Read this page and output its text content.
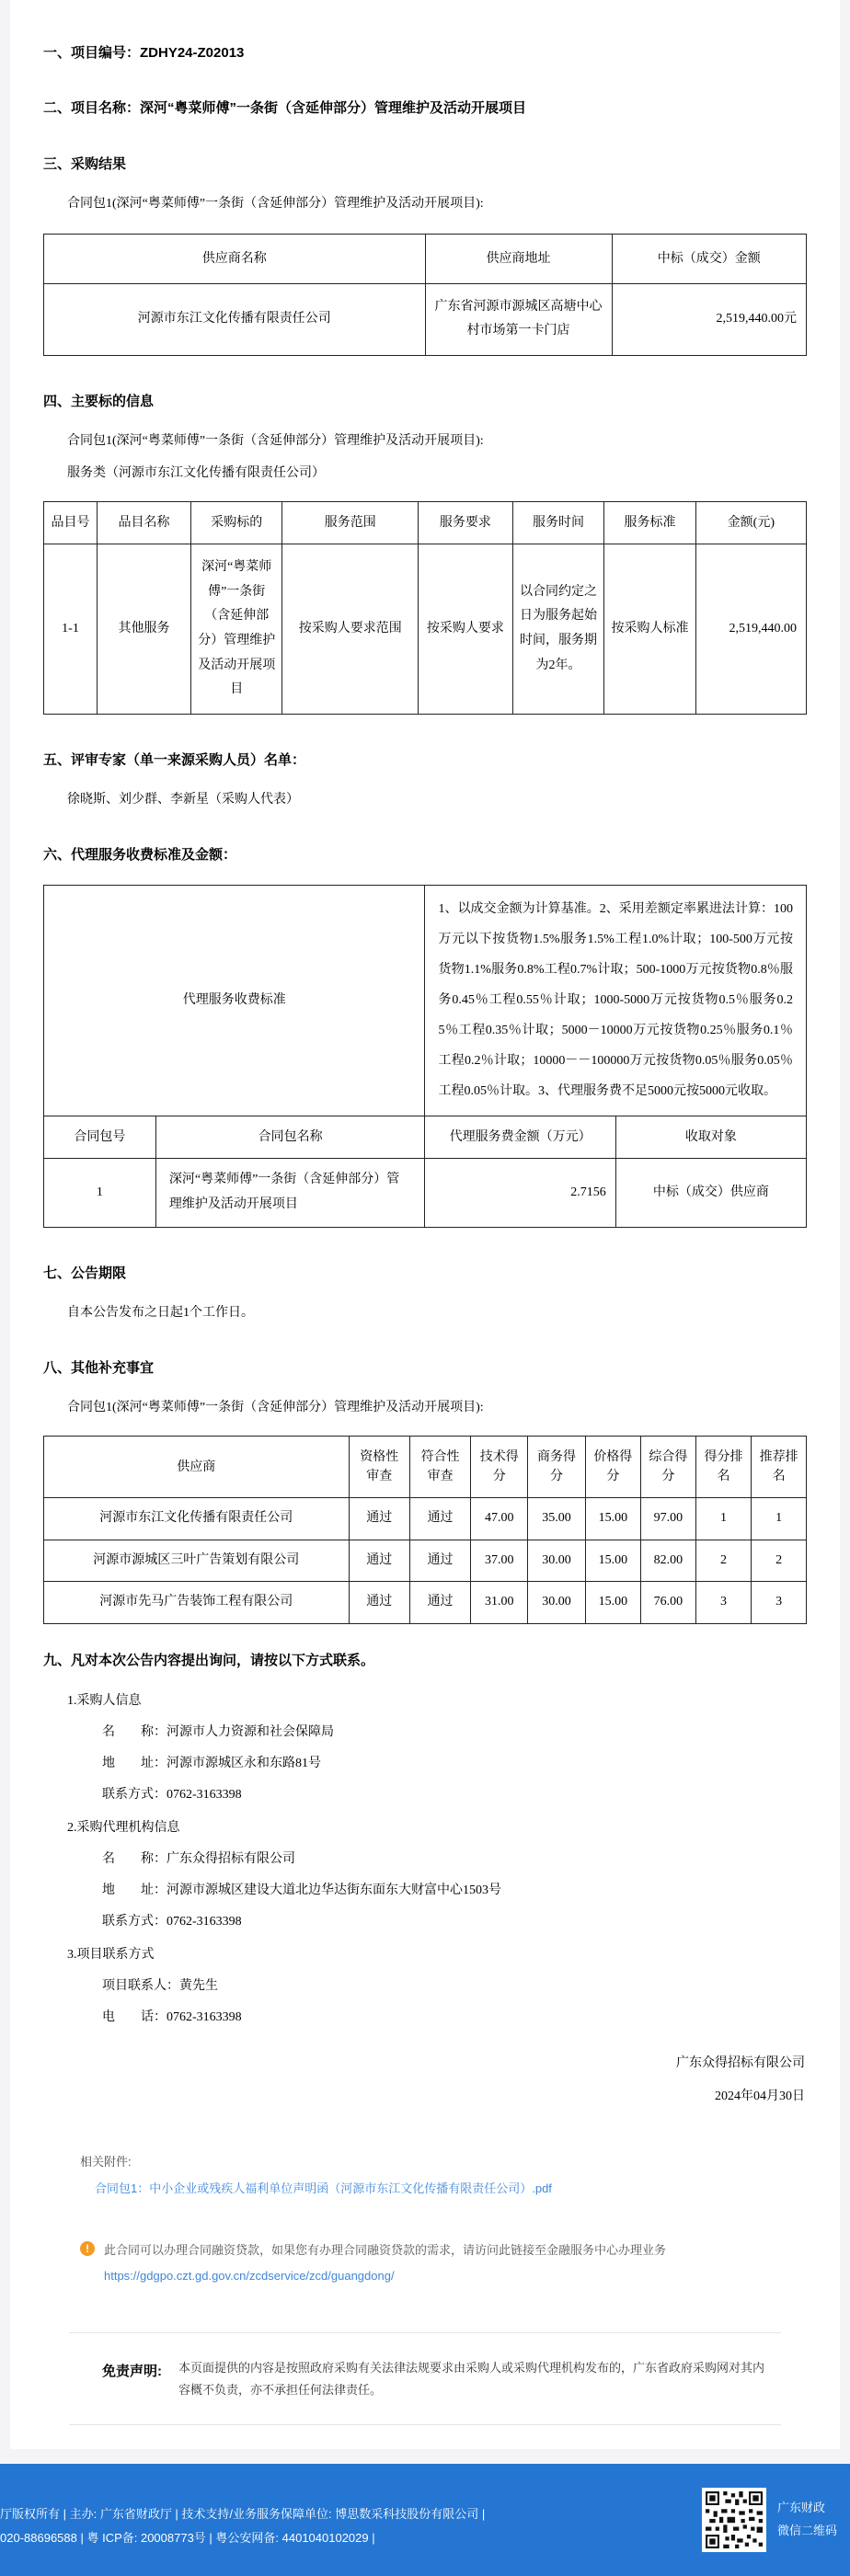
一、项目编号：ZDHY24-Z02013
二、项目名称：深河“粤菜师傅”一条街（含延伸部分）管理维护及活动开展项目
三、采购结果
合同包1(深河“粤菜师傅”一条街（含延伸部分）管理维护及活动开展项目):
供应商名称	供应商地址	中标（成交）金额
河源市东江文化传播有限责任公司	广东省河源市源城区高塘中心村市场第一卡门店	2,519,440.00元
四、主要标的信息
合同包1(深河“粤菜师傅”一条街（含延伸部分）管理维护及活动开展项目):
服务类（河源市东江文化传播有限责任公司）
品目号	品目名称	采购标的	服务范围	服务要求	服务时间	服务标准	金额(元)
1-1	其他服务	深河“粤菜师傅”一条街（含延伸部分）管理维护及活动开展项目	按采购人要求范围	按采购人要求	以合同约定之日为服务起始时间，服务期为2年。	按采购人标准	2,519,440.00
五、评审专家（单一来源采购人员）名单：
徐晓斯、刘少群、李新星（采购人代表）
六、代理服务收费标准及金额：
代理服务收费标准		1、以成交金额为计算基准。2、采用差额定率累进法计算：100万元以下按货物1.5%服务1.5%工程1.0%计取；100-500万元按货物1.1%服务0.8%工程0.7%计取；500-1000万元按货物0.8％服务0.45％工程0.55％计取；1000-5000万元按货物0.5％服务0.25％工程0.35％计取；5000－10000万元按货物0.25％服务0.1％工程0.2％计取；10000－－100000万元按货物0.05％服务0.05％工程0.05％计取。3、代理服务费不足5000元按5000元收取。	
合同包号	合同包名称	代理服务费金额（万元）	收取对象
1	深河“粤菜师傅”一条街（含延伸部分）管理维护及活动开展项目	2.7156	中标（成交）供应商
七、公告期限
自本公告发布之日起1个工作日。
八、其他补充事宜
合同包1(深河“粤菜师傅”一条街（含延伸部分）管理维护及活动开展项目):
供应商	资格性审查	符合性审查	技术得分	商务得分	价格得分	综合得分	得分排名	推荐排名
河源市东江文化传播有限责任公司	通过	通过	47.00	35.00	15.00	97.00	1	1
河源市源城区三叶广告策划有限公司	通过	通过	37.00	30.00	15.00	82.00	2	2
河源市先马广告装饰工程有限公司	通过	通过	31.00	30.00	15.00	76.00	3	3
九、凡对本次公告内容提出询问，请按以下方式联系。
1.采购人信息
名　　称：河源市人力资源和社会保障局
地　　址：河源市源城区永和东路81号
联系方式：0762-3163398
2.采购代理机构信息
名　　称：广东众得招标有限公司
地　　址：河源市源城区建设大道北边华达街东面东大财富中心1503号
联系方式：0762-3163398
3.项目联系方式
项目联系人：黄先生
电　　话：0762-3163398
广东众得招标有限公司
2024年04月30日
相关附件:
合同包1：中小企业或残疾人福利单位声明函（河源市东江文化传播有限责任公司）.pdf
!	此合同可以办理合同融资贷款，如果您有办理合同融资贷款的需求，请访问此链接至金融服务中心办理业务
https://gdgpo.czt.gd.gov.cn/zcdservice/zcd/guangdong/
免责声明: 本页面提供的内容是按照政府采购有关法律法规要求由采购人或采购代理机构发布的，广东省政府采购网对其内容概不负责，亦不承担任何法律责任。
厅版权所有 | 主办: 广东省财政厅 | 技术支持/业务服务保障单位: 博思数采科技股份有限公司 |
020-88696588 | 粤 ICP备: 20008773号 | 粤公安网备: 4401040102029 |
广东财政
微信二维码
